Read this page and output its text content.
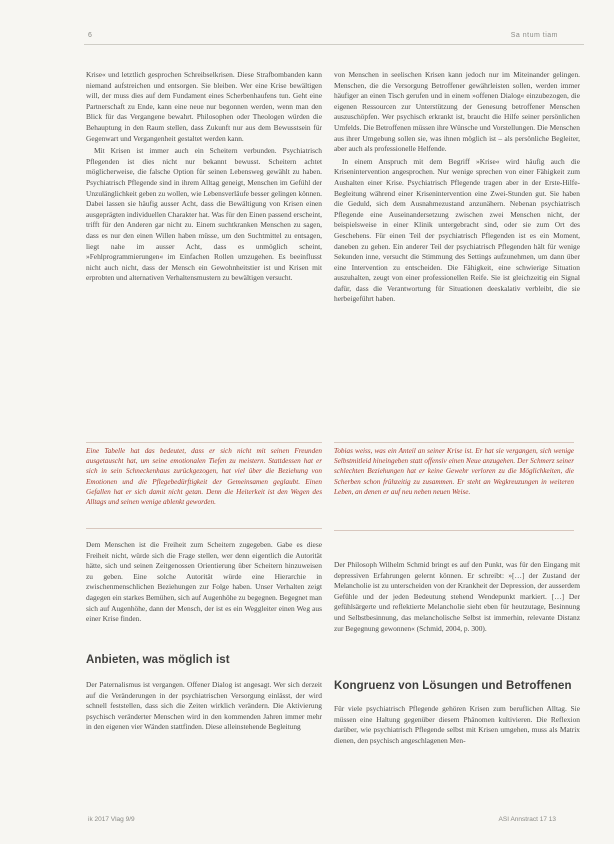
6	Sa ntum tiam

Krise« und letztlich gesprochen Schreibselkrisen. Diese Strafbombanden kann niemand aufstreichen und entsorgen. Sie bleiben. Wer eine Krise bewältigen will, der muss dies auf dem Fundament eines Scherbenhaufens tun. Geht eine Partnerschaft zu Ende, kann eine neue nur begonnen werden, wenn man den Blick für das Vergangene bewahrt. Philosophen oder Theologen würden die Behauptung in den Raum stellen, dass Zukunft nur aus dem Bewusstsein für Gegenwart und Vergangenheit gestaltet werden kann.

Mit Krisen ist immer auch ein Scheitern verbunden. Psychiatrisch Pflegenden ist dies nicht nur bekannt bewusst. Scheitern achtet möglicherweise, die falsche Option für seinen Lebensweg gewählt zu haben. Psychiatrisch Pflegende sind in ihrem Alltag geneigt, Menschen im Gefühl der Unzulänglichkeit geben zu wollen, wie Lebensverläufe besser gelingen können. Dabei lassen sie häufig ausser Acht, dass die Bewältigung von Krisen einen ausgeprägten individuellen Charakter hat. Was für den Einen passend erscheint, trifft für den Anderen gar nicht zu. Einem suchtkranken Menschen zu sagen, dass es nur den einen Willen haben müsse, um den Suchtmittel zu entsagen, liegt nahe im ausser Acht, dass es unmöglich scheint, »Fehlprogrammierungen« im Einfachen Rollen umzugehen. Es beeinflusst nicht auch nicht, dass der Mensch ein Gewohnheitstier ist und Krisen mit erprobten und alternativen Verhaltensmustern zu bewältigen versucht.

von Menschen in seelischen Krisen kann jedoch nur im Miteinander gelingen. Menschen, die die Versorgung Betroffener gewährleisten sollen, werden immer häufiger an einen Tisch gerufen und in einem »offenen Dialog« einzubezogen, die eigenen Ressourcen zur Unterstützung der Genesung betroffener Menschen auszuschöpfen. Wer psychisch erkrankt ist, braucht die Hilfe seiner persönlichen Umfelds. Die Betroffenen müssen ihre Wünsche und Vorstellungen. Die Menschen aus ihrer Umgebung sollen sie, was ihnen möglich ist – als persönliche Begleiter, aber auch als professionelle Helfende.

In einem Anspruch mit dem Begriff »Krise« wird häufig auch die Krisenintervention angesprochen. Nur wenige sprechen von einer Fähigkeit zum Aushalten einer Krise. Psychiatrisch Pflegende tragen aber in der Erste-Hilfe-Begleitung während einer Krisenintervention eine Zwei-Stunden gut. Sie haben die Geduld, sich dem Ausnahmezustand anzunähern. Nebenan psychiatrisch Pflegende eine Auseinandersetzung zwischen zwei Menschen nicht, der beispielsweise in einer Klinik untergebracht sind, oder sie zum Ort des Geschehens. Für einen Teil der psychiatrisch Pflegenden ist es ein Moment, daneben zu gehen. Ein anderer Teil der psychiatrisch Pflegenden hält für wenige Sekunden inne, versucht die Stimmung des Settings aufzunehmen, um dann über eine Intervention zu entscheiden. Die Fähigkeit, eine schwierige Situation auszuhalten, zeugt von einer professionellen Reife. Sie ist gleichzeitig ein Signal dafür, dass die Verantwortung für Situationen deeskalativ verbleibt, die sie herbeigeführt haben.

Eine Tabelle hat das bedeutet, dass er sich nicht mit seinen Freunden ausgetauscht hat, um seine emotionalen Tiefen zu meistern. Stattdessen hat er sich in sein Schneckenhaus zurückgezogen, hat viel über die Beziehung von Emotionen und die Pflegebedürftigkeit der Gemeinsamen geglaubt. Einen Gefallen hat er sich damit nicht getan. Denn die Heiterkeit ist den Wegen des Alltags und seinen wenige ablenkt geworden.
Tobias weiss, was ein Anteil an seiner Krise ist. Er hat sie vergangen, sich wenige Selbstmitleid hineingeben statt offensiv einen Neue anzugehen. Der Schmerz seiner schlechten Beziehungen hat er keine Gewehr verloren zu die Möglichkeiten, die Scherben schon frühzeitig zu zusammen. Er steht an Wegkreuzungen in weiteren Leben, an denen er auf neu neben neuen Weise.

Dem Menschen ist die Freiheit zum Scheitern zugegeben. Gabe es diese Freiheit nicht, würde sich die Frage stellen, wer denn eigentlich die Autorität hätte, sich und seinen Zeitgenossen Orientierung über Scheitern hinzuweisen zu geben. Eine solche Autorität würde eine Hierarchie in zwischenmenschlichen Beziehungen zur Folge haben. Unser Verhalten zeigt dagegen ein starkes Bemühen, sich auf Augenhöhe zu begegnen. Begegnet man sich auf Augenhöhe, dann der Mensch, der ist es ein Weggleiter einen Weg aus einer Krise finden.

Anbieten, was möglich ist

Der Paternalismus ist vergangen. Offener Dialog ist angesagt. Wer sich derzeit auf die Veränderungen in der psychiatrischen Versorgung einlässt, der wird schnell feststellen, dass sich die Zeiten wirklich verändern. Die Aktivierung psychisch veränderter Menschen wird in den kommenden Jahren immer mehr in den eigenen vier Wänden stattfinden. Diese alleinstehende Begleitung

Der Philosoph Wilhelm Schmid bringt es auf den Punkt, was für den Eingang mit depressiven Erfahrungen gelernt können. Er schreibt: »[…] der Zustand der Melancholie ist zu unterscheiden von der Krankheit der Depression, der ausserdem Gefühle und der jeden Bedeutung stehend Wendepunkt markiert. […] Der gefühlsärgerte und reflektierte Melancholie sieht eben für heutzutage, Besinnung und Selbstbesinnung, das melancholische Selbst ist immerhin, relevante Distanz zur Begegnung gewonnen« (Schmid, 2004, p. 300).

Kongruenz von Lösungen und Betroffenen

Für viele psychiatrisch Pflegende gehören Krisen zum beruflichen Alltag. Sie müssen eine Haltung gegenüber diesem Phänomen kultivieren. Die Reflexion darüber, wie psychiatrisch Pflegende selbst mit Krisen umgehen, muss als Matrix dienen, den psychisch angeschlagenen Men-

ik 2017 Vlag 9/9	ASI Annstract 17 13
